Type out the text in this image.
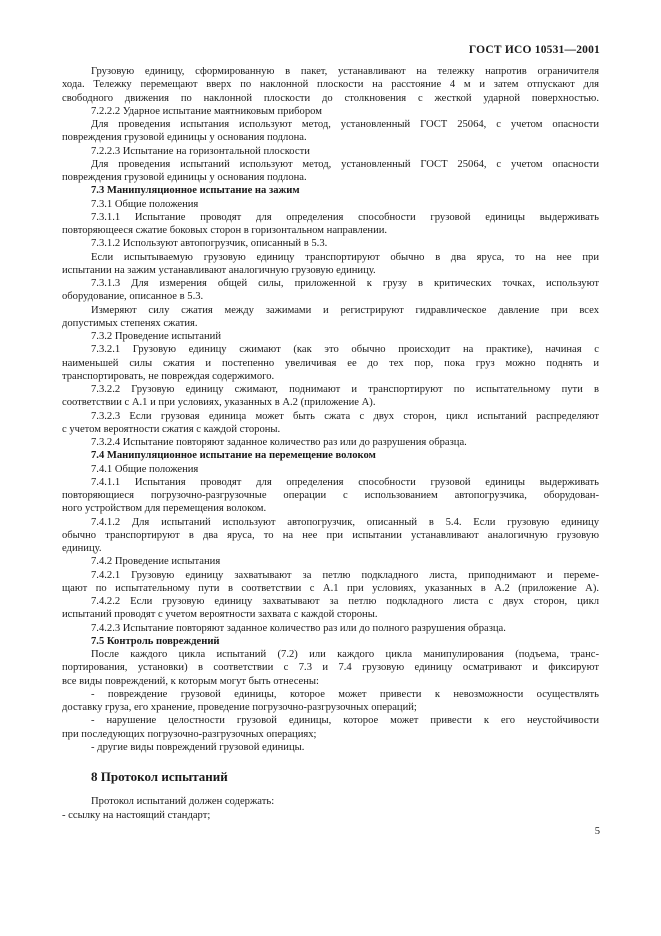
ГОСТ ИСО 10531—2001

Грузовую единицу, сформированную в пакет, устанавливают на тележку напротив ограничителя

хода. Тележку перемещают вверх по наклонной плоскости на расстояние 4 м и затем отпускают для

свободного движения по наклонной плоскости до столкновения с жесткой ударной поверхностью.

7.2.2.2 Ударное испытание маятниковым прибором

Для проведения испытания используют метод, установленный ГОСТ 25064, с учетом опасности

повреждения грузовой единицы у основания подлона.

7.2.2.3 Испытание на горизонтальной плоскости

Для проведения испытаний используют метод, установленный ГОСТ 25064, с учетом опасности

повреждения грузовой единицы у основания подлона.

7.3 Манипуляционное испытание на зажим

7.3.1 Общие положения

7.3.1.1 Испытание проводят для определения способности грузовой единицы выдерживать

повторяющееся сжатие боковых сторон в горизонтальном направлении.

7.3.1.2 Используют автопогрузчик, описанный в 5.3.

Если испытываемую грузовую единицу транспортируют обычно в два яруса, то на нее при

испытании на зажим устанавливают аналогичную грузовую единицу.

7.3.1.3 Для измерения общей силы, приложенной к грузу в критических точках, используют

оборудование, описанное в 5.3.

Измеряют силу сжатия между зажимами и регистрируют гидравлическое давление при всех

допустимых степенях сжатия.

7.3.2 Проведение испытаний

7.3.2.1 Грузовую единицу сжимают (как это обычно происходит на практике), начиная с

наименьшей силы сжатия и постепенно увеличивая ее до тех пор, пока груз можно поднять и

транспортировать, не повреждая содержимого.

7.3.2.2 Грузовую единицу сжимают, поднимают и транспортируют по испытательному пути в

соответствии с А.1 и при условиях, указанных в А.2 (приложение А).

7.3.2.3 Если грузовая единица может быть сжата с двух сторон, цикл испытаний распределяют

с учетом вероятности сжатия с каждой стороны.

7.3.2.4 Испытание повторяют заданное количество раз или до разрушения образца.

7.4 Манипуляционное испытание на перемещение волоком

7.4.1 Общие положения

7.4.1.1 Испытания проводят для определения способности грузовой единицы выдерживать

повторяющиеся погрузочно-разгрузочные операции с использованием автопогрузчика, оборудован-

ного устройством для перемещения волоком.

7.4.1.2 Для испытаний используют автопогрузчик, описанный в 5.4. Если грузовую единицу

обычно транспортируют в два яруса, то на нее при испытании устанавливают аналогичную грузовую

единицу.

7.4.2 Проведение испытания

7.4.2.1 Грузовую единицу захватывают за петлю подкладного листа, приподнимают и переме-

щают по испытательному пути в соответствии с А.1 при условиях, указанных в А.2 (приложение А).

7.4.2.2 Если грузовую единицу захватывают за петлю подкладного листа с двух сторон, цикл

испытаний проводят с учетом вероятности захвата с каждой стороны.

7.4.2.3 Испытание повторяют заданное количество раз или до полного разрушения образца.

7.5 Контроль повреждений

После каждого цикла испытаний (7.2) или каждого цикла манипулирования (подъема, транс-

портирования, установки) в соответствии с 7.3 и 7.4 грузовую единицу осматривают и фиксируют

все виды повреждений, к которым могут быть отнесены:

- повреждение грузовой единицы, которое может привести к невозможности осуществлять

доставку груза, его хранение, проведение погрузочно-разгрузочных операций;

- нарушение целостности грузовой единицы, которое может привести к его неустойчивости

при последующих погрузочно-разгрузочных операциях;

- другие виды повреждений грузовой единицы.

8 Протокол испытаний

Протокол испытаний должен содержать:

- ссылку на настоящий стандарт;

5
